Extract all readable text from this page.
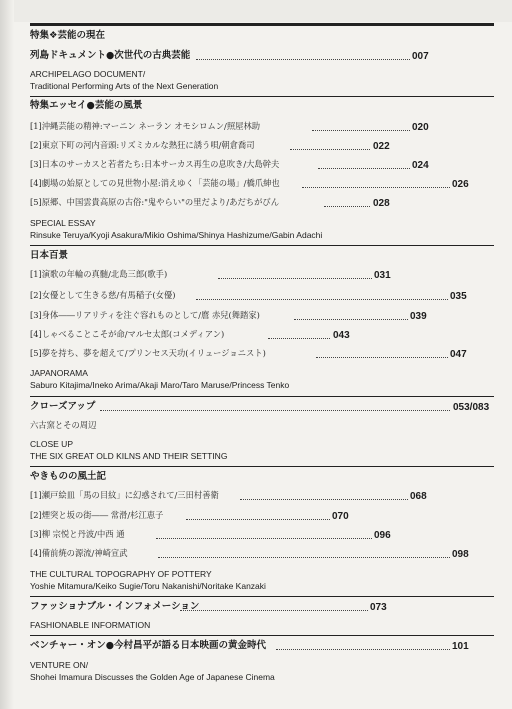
特集❖芸能の現在
列島ドキュメント●次世代の古典芸能	007
ARCHIPELAGO DOCUMENT/
Traditional Performing Arts of the Next Generation
特集エッセイ●芸能の風景
[1]沖縄芸能の精神:マーニン ネーラン オモシロムン/照屋林助	020
[2]東京下町の河内音頭:リズミカルな熱狂に誘う唄/朝倉喬司	022
[3]日本のサーカスと若者たち:日本サーカス再生の息吹き/大島幹夫	024
[4]劇場の始原としての見世物小屋:消えゆく「芸能の場」/橋爪紳也	026
[5]原郷、中国雲貴高原の古俗:"鬼やらい"の里だより/あだちがびん	028
SPECIAL ESSAY
Rinsuke Teruya/Kyoji Asakura/Mikio Oshima/Shinya Hashizume/Gabin Adachi
日本百景
[1]演歌の年輪の真髄/北島三郎(歌手)	031
[2]女優として生きる慈/有馬稲子(女優)	035
[3]身体――リアリティを注ぐ容れものとして/麿 赤兒(舞踏家)	039
[4]しゃべることこそが命/マルセ太郎(コメディアン)	043
[5]夢を持ち、夢を超えて/プリンセス天功(イリュージョニスト)	047
JAPANORAMA
Saburo Kitajima/Ineko Arima/Akaji Maro/Taro Maruse/Princess Tenko
クローズアップ	053/083
六古窯とその周辺
CLOSE UP
THE SIX GREAT OLD KILNS AND THEIR SETTING
やきものの風土記
[1]瀬戸絵皿「馬の目紋」に幻惑されて/三田村善衛	068
[2]煙突と坂の街―― 常滑/杉江恵子	070
[3]柳 宗悦と丹波/中西 通	096
[4]備前焼の源流/神崎宣武	098
THE CULTURAL TOPOGRAPHY OF POTTERY
Yoshie Mitamura/Keiko Sugie/Toru Nakanishi/Noritake Kanzaki
ファッショナブル・インフォメーション	073
FASHIONABLE INFORMATION
ベンチャー・オン●今村昌平が語る日本映画の黄金時代	101
VENTURE ON/
Shohei Imamura Discusses the Golden Age of Japanese Cinema
